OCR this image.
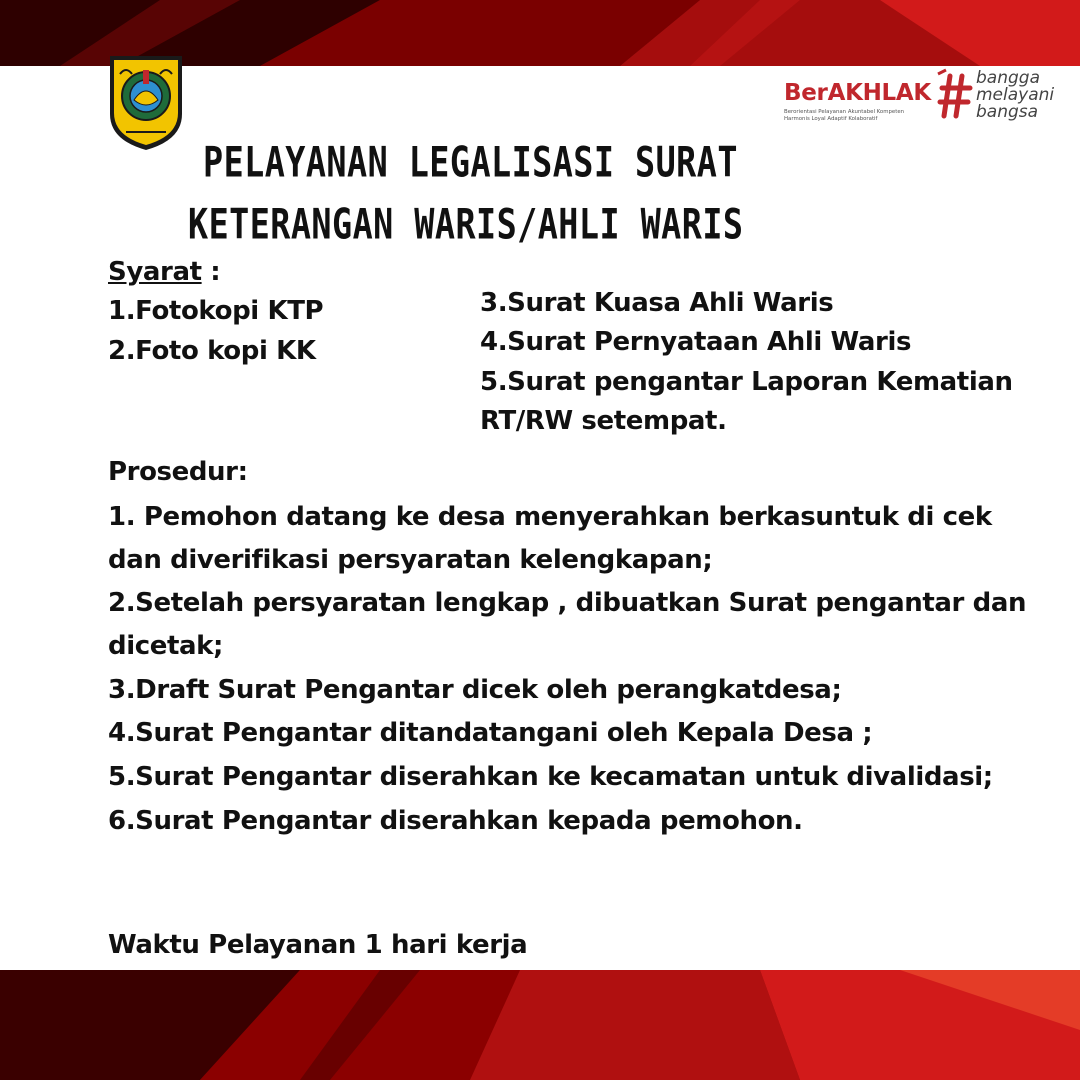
BerAKHLAK
Berorientasi Pelayanan Akuntabel Kompeten
Harmonis Loyal Adaptif Kolaboratif
bangga
melayani
bangsa
PELAYANAN LEGALISASI SURAT
KETERANGAN WARIS/AHLI WARIS
Syarat :
1.Fotokopi KTP
2.Foto kopi KK
3.Surat Kuasa Ahli Waris
4.Surat Pernyataan Ahli Waris
5.Surat pengantar Laporan Kematian
RT/RW setempat.
Prosedur:
1. Pemohon datang ke desa menyerahkan berkasuntuk di cek
dan diverifikasi persyaratan kelengkapan;
2.Setelah persyaratan lengkap , dibuatkan Surat pengantar dan
dicetak;
3.Draft Surat Pengantar dicek oleh perangkatdesa;
4.Surat Pengantar ditandatangani oleh Kepala Desa ;
5.Surat Pengantar diserahkan ke kecamatan untuk divalidasi;
6.Surat Pengantar diserahkan kepada pemohon.
Waktu Pelayanan 1 hari kerja
